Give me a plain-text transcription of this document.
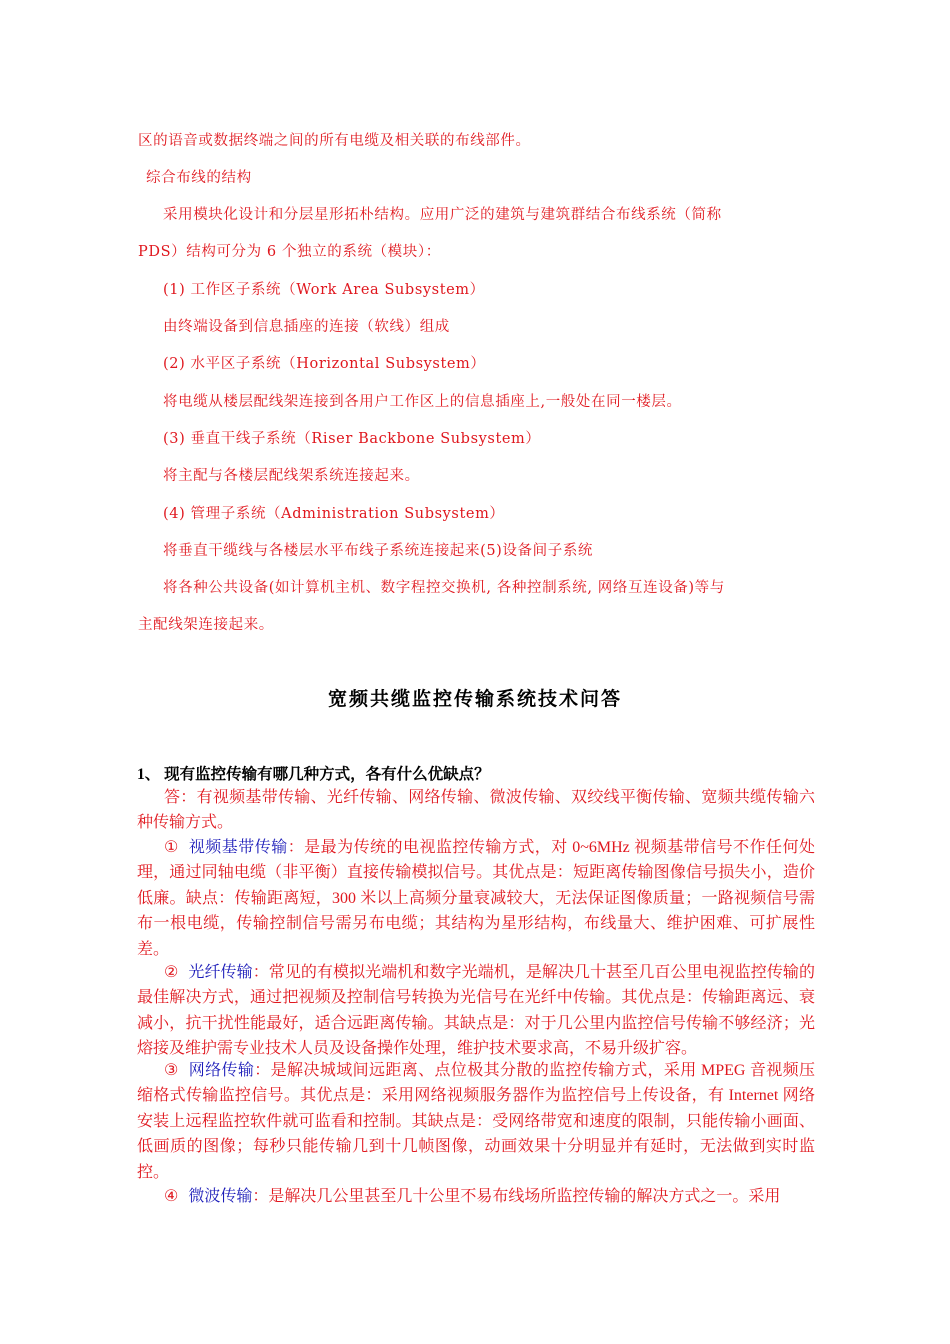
区的语音或数据终端之间的所有电缆及相关联的布线部件。
综合布线的结构
采用模块化设计和分层星形拓朴结构。应用广泛的建筑与建筑群结合布线系统（简称
PDS）结构可分为 6 个独立的系统（模块）：
(1) 工作区子系统（Work Area Subsystem）
由终端设备到信息插座的连接（软线）组成
(2) 水平区子系统（Horizontal Subsystem）
将电缆从楼层配线架连接到各用户工作区上的信息插座上,一般处在同一楼层。
(3) 垂直干线子系统（Riser Backbone Subsystem）
将主配与各楼层配线架系统连接起来。
(4) 管理子系统（Administration Subsystem）
将垂直干缆线与各楼层水平布线子系统连接起来(5)设备间子系统
将各种公共设备(如计算机主机、数字程控交换机, 各种控制系统, 网络互连设备)等与
主配线架连接起来。
宽频共缆监控传输系统技术问答
1、 现有监控传输有哪几种方式，各有什么优缺点？
答：有视频基带传输、光纤传输、网络传输、微波传输、双绞线平衡传输、宽频共缆传输六种传输方式。
① 视频基带传输：是最为传统的电视监控传输方式，对 0~6MHz 视频基带信号不作任何处理，通过同轴电缆（非平衡）直接传输模拟信号。其优点是：短距离传输图像信号损失小，造价低廉。缺点：传输距离短，300 米以上高频分量衰减较大，无法保证图像质量；一路视频信号需布一根电缆，传输控制信号需另布电缆；其结构为星形结构，布线量大、维护困难、可扩展性差。
② 光纤传输：常见的有模拟光端机和数字光端机，是解决几十甚至几百公里电视监控传输的最佳解决方式，通过把视频及控制信号转换为光信号在光纤中传输。其优点是：传输距离远、衰减小，抗干扰性能最好，适合远距离传输。其缺点是：对于几公里内监控信号传输不够经济；光熔接及维护需专业技术人员及设备操作处理，维护技术要求高，不易升级扩容。
③ 网络传输：是解决城域间远距离、点位极其分散的监控传输方式，采用 MPEG 音视频压缩格式传输监控信号。其优点是：采用网络视频服务器作为监控信号上传设备，有 Internet 网络安装上远程监控软件就可监看和控制。其缺点是：受网络带宽和速度的限制，只能传输小画面、低画质的图像；每秒只能传输几到十几帧图像，动画效果十分明显并有延时，无法做到实时监控。
④ 微波传输：是解决几公里甚至几十公里不易布线场所监控传输的解决方式之一。采用
